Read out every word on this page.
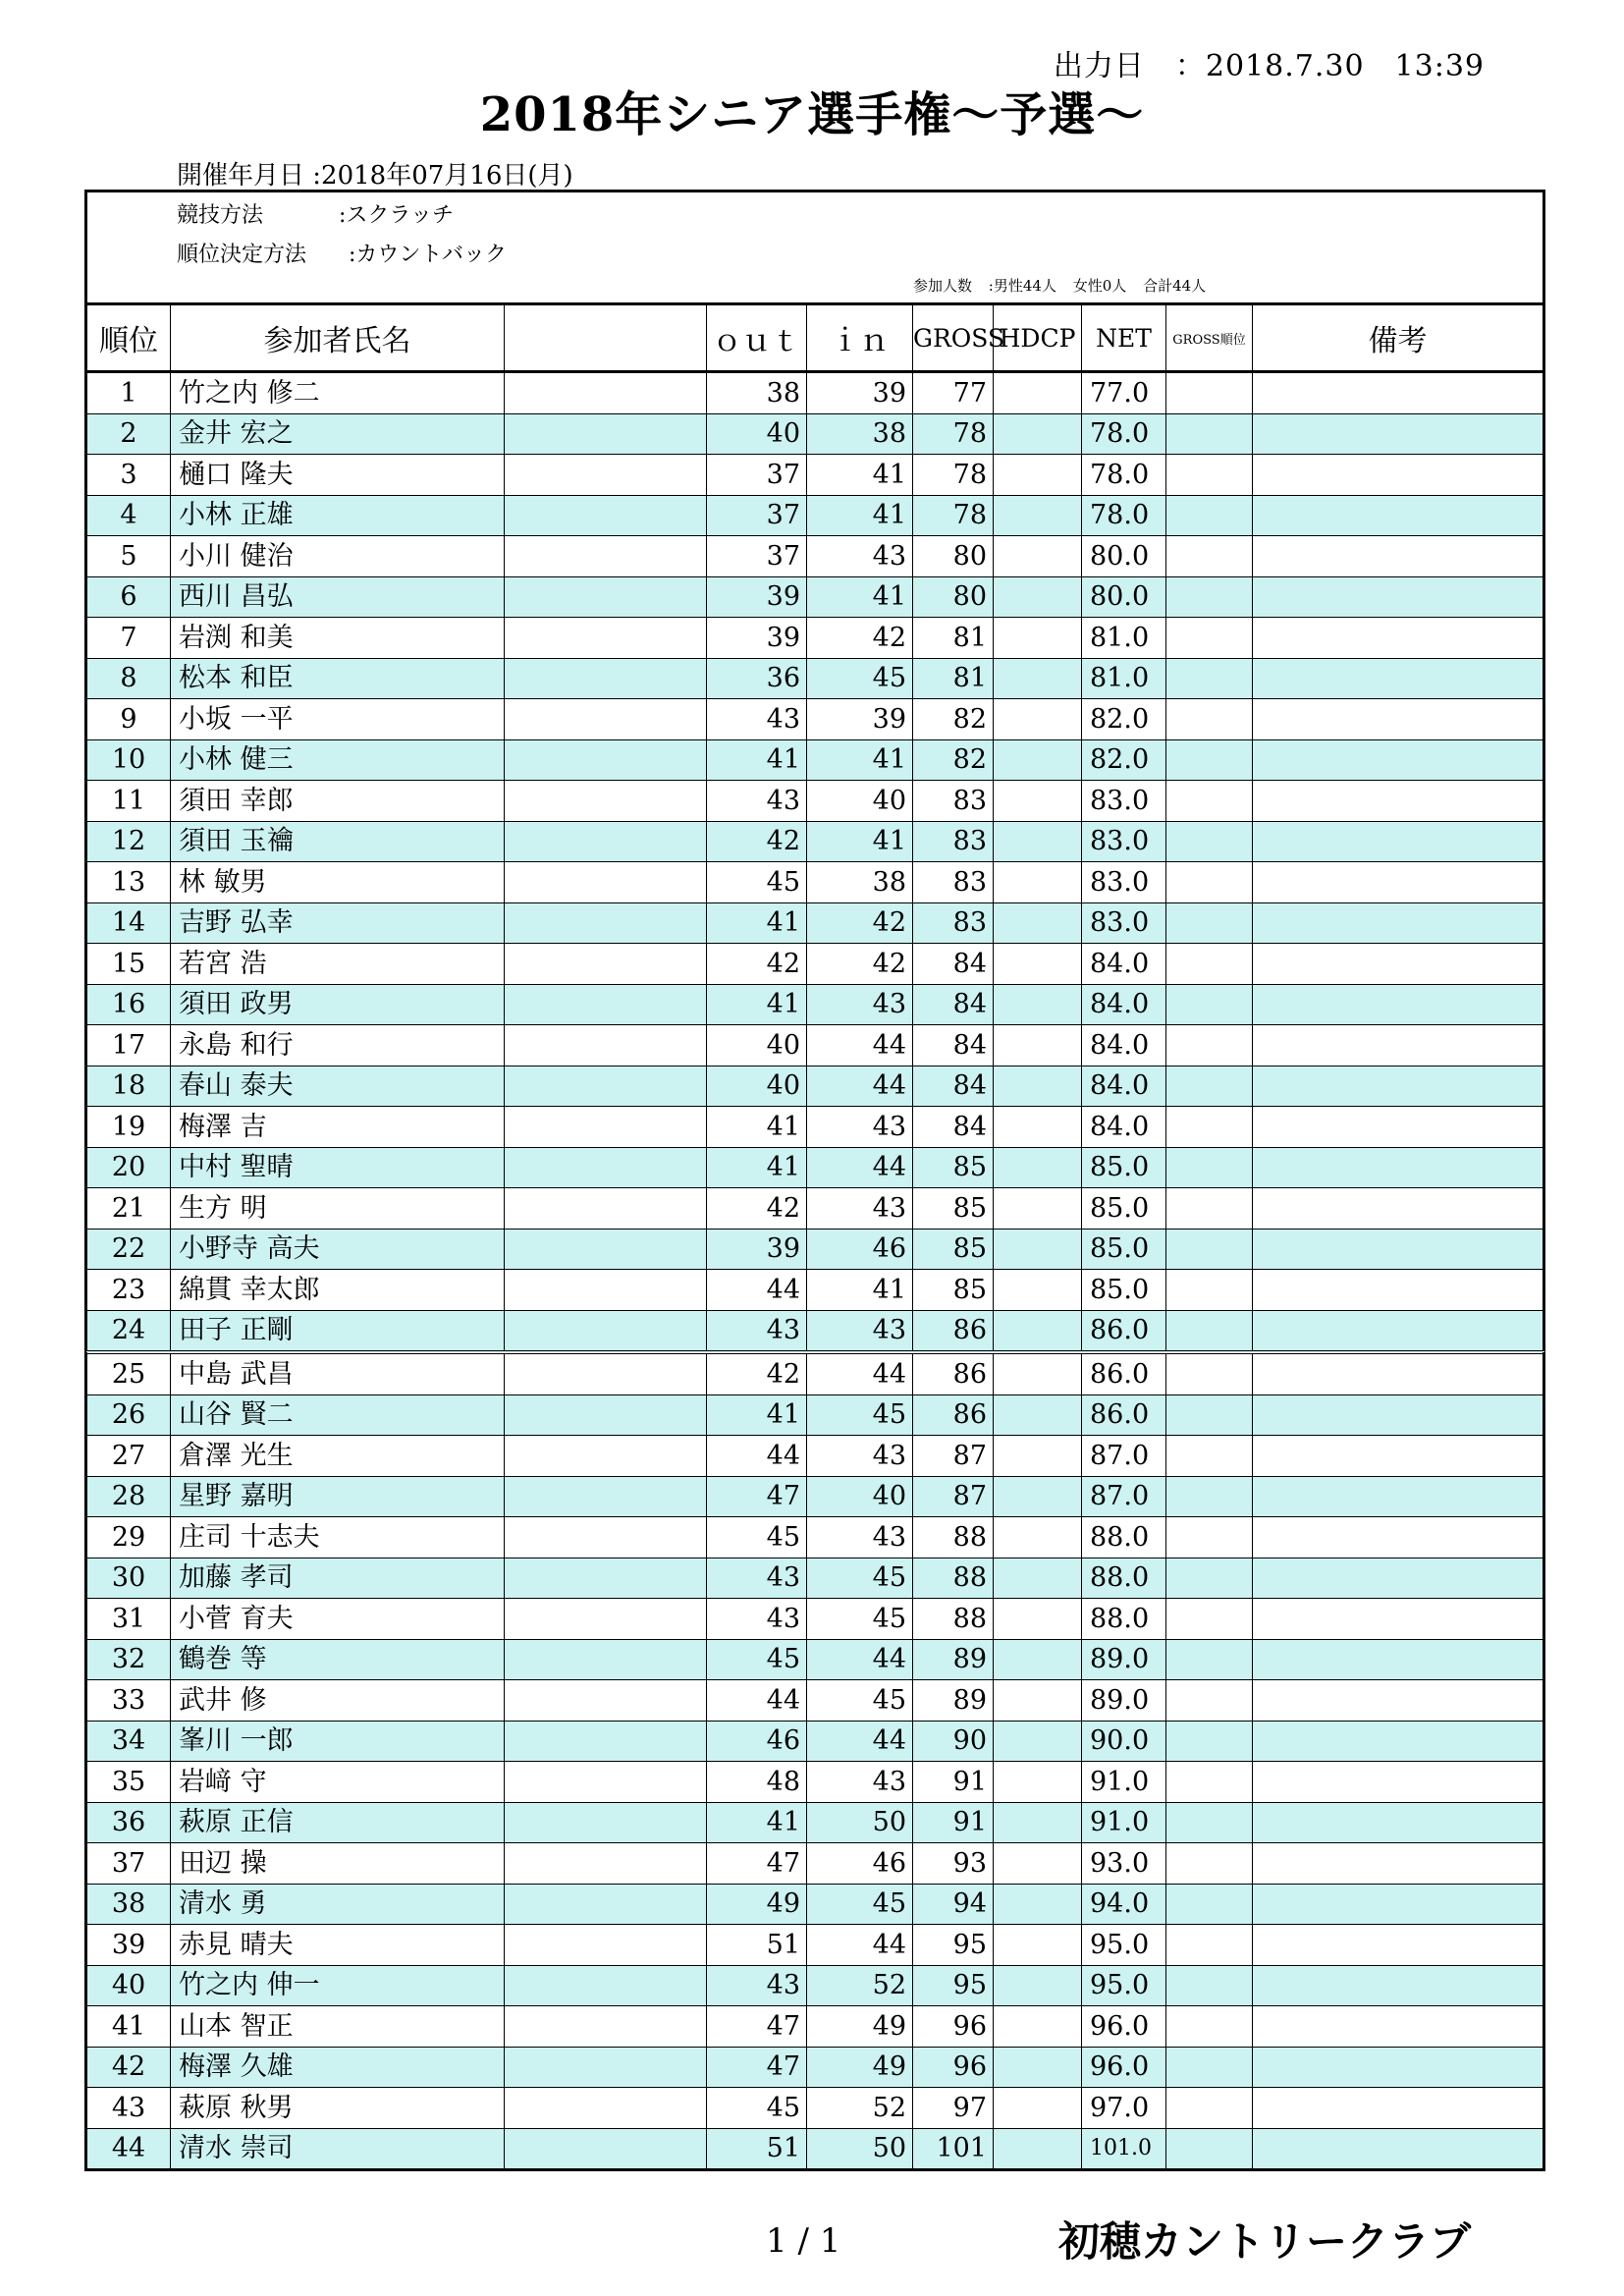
出力日　：2018.7.30　13:39
2018年シニア選手権～予選～
開催年月日 :2018年07月16日(月)
競技方法	:スクラッチ
順位決定方法 :カウントバック
参加人数 :男性44人 女性0人 合計44人
順位	参加者氏名		ｏｕｔ	ｉｎ	GROSS	HDCP	NET	GROSS順位	備考
1	竹之内 修二		38	39	77		77.0		
2	金井 宏之		40	38	78		78.0		
3	樋口 隆夫		37	41	78		78.0		
4	小林 正雄		37	41	78		78.0		
5	小川 健治		37	43	80		80.0		
6	西川 昌弘		39	41	80		80.0		
7	岩渕 和美		39	42	81		81.0		
8	松本 和臣		36	45	81		81.0		
9	小坂 一平		43	39	82		82.0		
10	小林 健三		41	41	82		82.0		
11	須田 幸郎		43	40	83		83.0		
12	須田 玉禴		42	41	83		83.0		
13	林 敏男		45	38	83		83.0		
14	吉野 弘幸		41	42	83		83.0		
15	若宮 浩		42	42	84		84.0		
16	須田 政男		41	43	84		84.0		
17	永島 和行		40	44	84		84.0		
18	春山 泰夫		40	44	84		84.0		
19	梅澤 吉		41	43	84		84.0		
20	中村 聖晴		41	44	85		85.0		
21	生方 明		42	43	85		85.0		
22	小野寺 高夫		39	46	85		85.0		
23	綿貫 幸太郎		44	41	85		85.0		
24	田子 正剛		43	43	86		86.0		
25	中島 武昌		42	44	86		86.0		
26	山谷 賢二		41	45	86		86.0		
27	倉澤 光生		44	43	87		87.0		
28	星野 嘉明		47	40	87		87.0		
29	庄司 十志夫		45	43	88		88.0		
30	加藤 孝司		43	45	88		88.0		
31	小菅 育夫		43	45	88		88.0		
32	鶴巻 等		45	44	89		89.0		
33	武井 修		44	45	89		89.0		
34	峯川 一郎		46	44	90		90.0		
35	岩﨑 守		48	43	91		91.0		
36	萩原 正信		41	50	91		91.0		
37	田辺 操		47	46	93		93.0		
38	清水 勇		49	45	94		94.0		
39	赤見 晴夫		51	44	95		95.0		
40	竹之内 伸一		43	52	95		95.0		
41	山本 智正		47	49	96		96.0		
42	梅澤 久雄		47	49	96		96.0		
43	萩原 秋男		45	52	97		97.0		
44	清水 崇司		51	50	101		101.0		
1 / 1	初穂カントリークラブ
